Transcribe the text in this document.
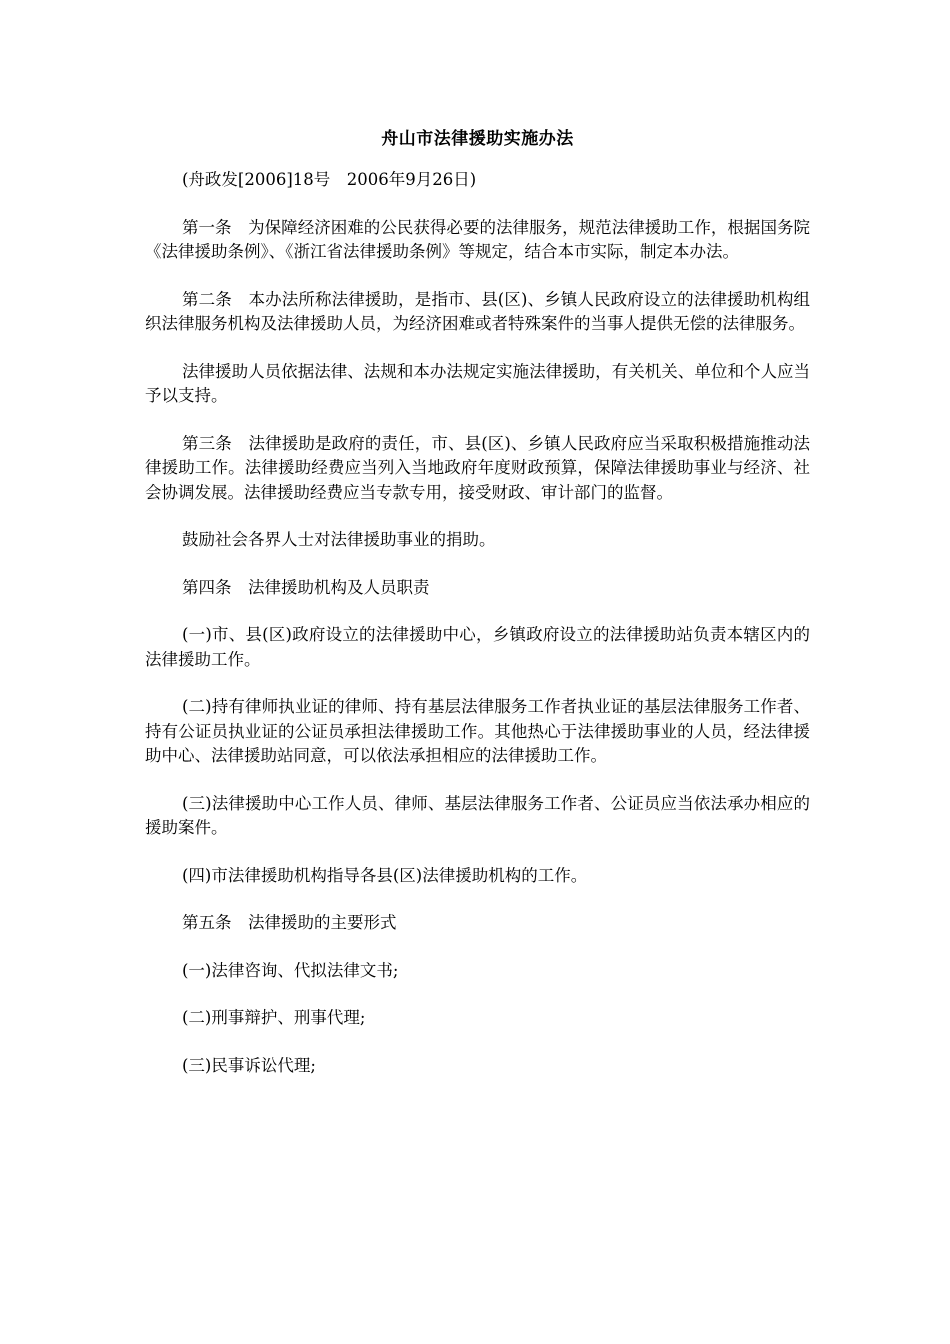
舟山市法律援助实施办法

(舟政发[2006]18号　2006年9月26日)

第一条　为保障经济困难的公民获得必要的法律服务，规范法律援助工作，根据国务院《法律援助条例》、《浙江省法律援助条例》等规定，结合本市实际，制定本办法。

第二条　本办法所称法律援助，是指市、县(区)、乡镇人民政府设立的法律援助机构组织法律服务机构及法律援助人员，为经济困难或者特殊案件的当事人提供无偿的法律服务。

法律援助人员依据法律、法规和本办法规定实施法律援助，有关机关、单位和个人应当予以支持。

第三条　法律援助是政府的责任，市、县(区)、乡镇人民政府应当采取积极措施推动法律援助工作。法律援助经费应当列入当地政府年度财政预算，保障法律援助事业与经济、社会协调发展。法律援助经费应当专款专用，接受财政、审计部门的监督。

鼓励社会各界人士对法律援助事业的捐助。

第四条　法律援助机构及人员职责

(一)市、县(区)政府设立的法律援助中心，乡镇政府设立的法律援助站负责本辖区内的法律援助工作。

(二)持有律师执业证的律师、持有基层法律服务工作者执业证的基层法律服务工作者、持有公证员执业证的公证员承担法律援助工作。其他热心于法律援助事业的人员，经法律援助中心、法律援助站同意，可以依法承担相应的法律援助工作。

(三)法律援助中心工作人员、律师、基层法律服务工作者、公证员应当依法承办相应的援助案件。

(四)市法律援助机构指导各县(区)法律援助机构的工作。

第五条　法律援助的主要形式

(一)法律咨询、代拟法律文书;

(二)刑事辩护、刑事代理;

(三)民事诉讼代理;
